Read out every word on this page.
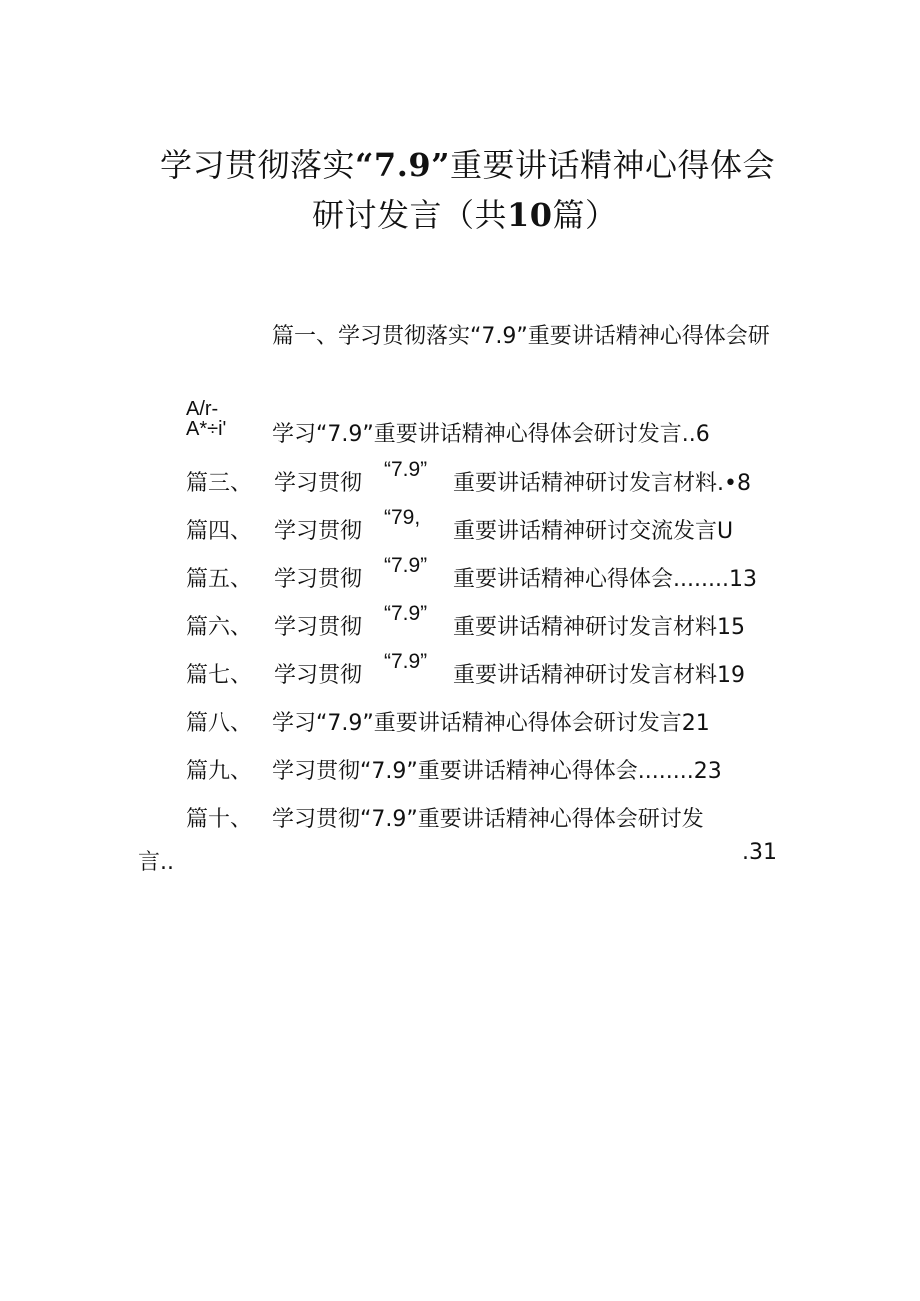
学习贯彻落实“7.9”重要讲话精神心得体会
研讨发言（共10篇）
篇一、学习贯彻落实“7.9”重要讲话精神心得体会研
A/r-
A*÷i' 学习“7.9”重要讲话精神心得体会研讨发言..6
篇三、 学习贯彻
“7.9”
重要讲话精神研讨发言材料.•8
篇四、 学习贯彻
“79,
重要讲话精神研讨交流发言U
篇五、 学习贯彻
“7.9”
重要讲话精神心得体会........13
篇六、 学习贯彻
“7.9”
重要讲话精神研讨发言材料15
篇七、 学习贯彻
“7.9”
重要讲话精神研讨发言材料19
篇八、 学习“7.9”重要讲话精神心得体会研讨发言21
篇九、 学习贯彻“7.9”重要讲话精神心得体会........23
篇十、 学习贯彻“7.9”重要讲话精神心得体会研讨发
言..	.31
